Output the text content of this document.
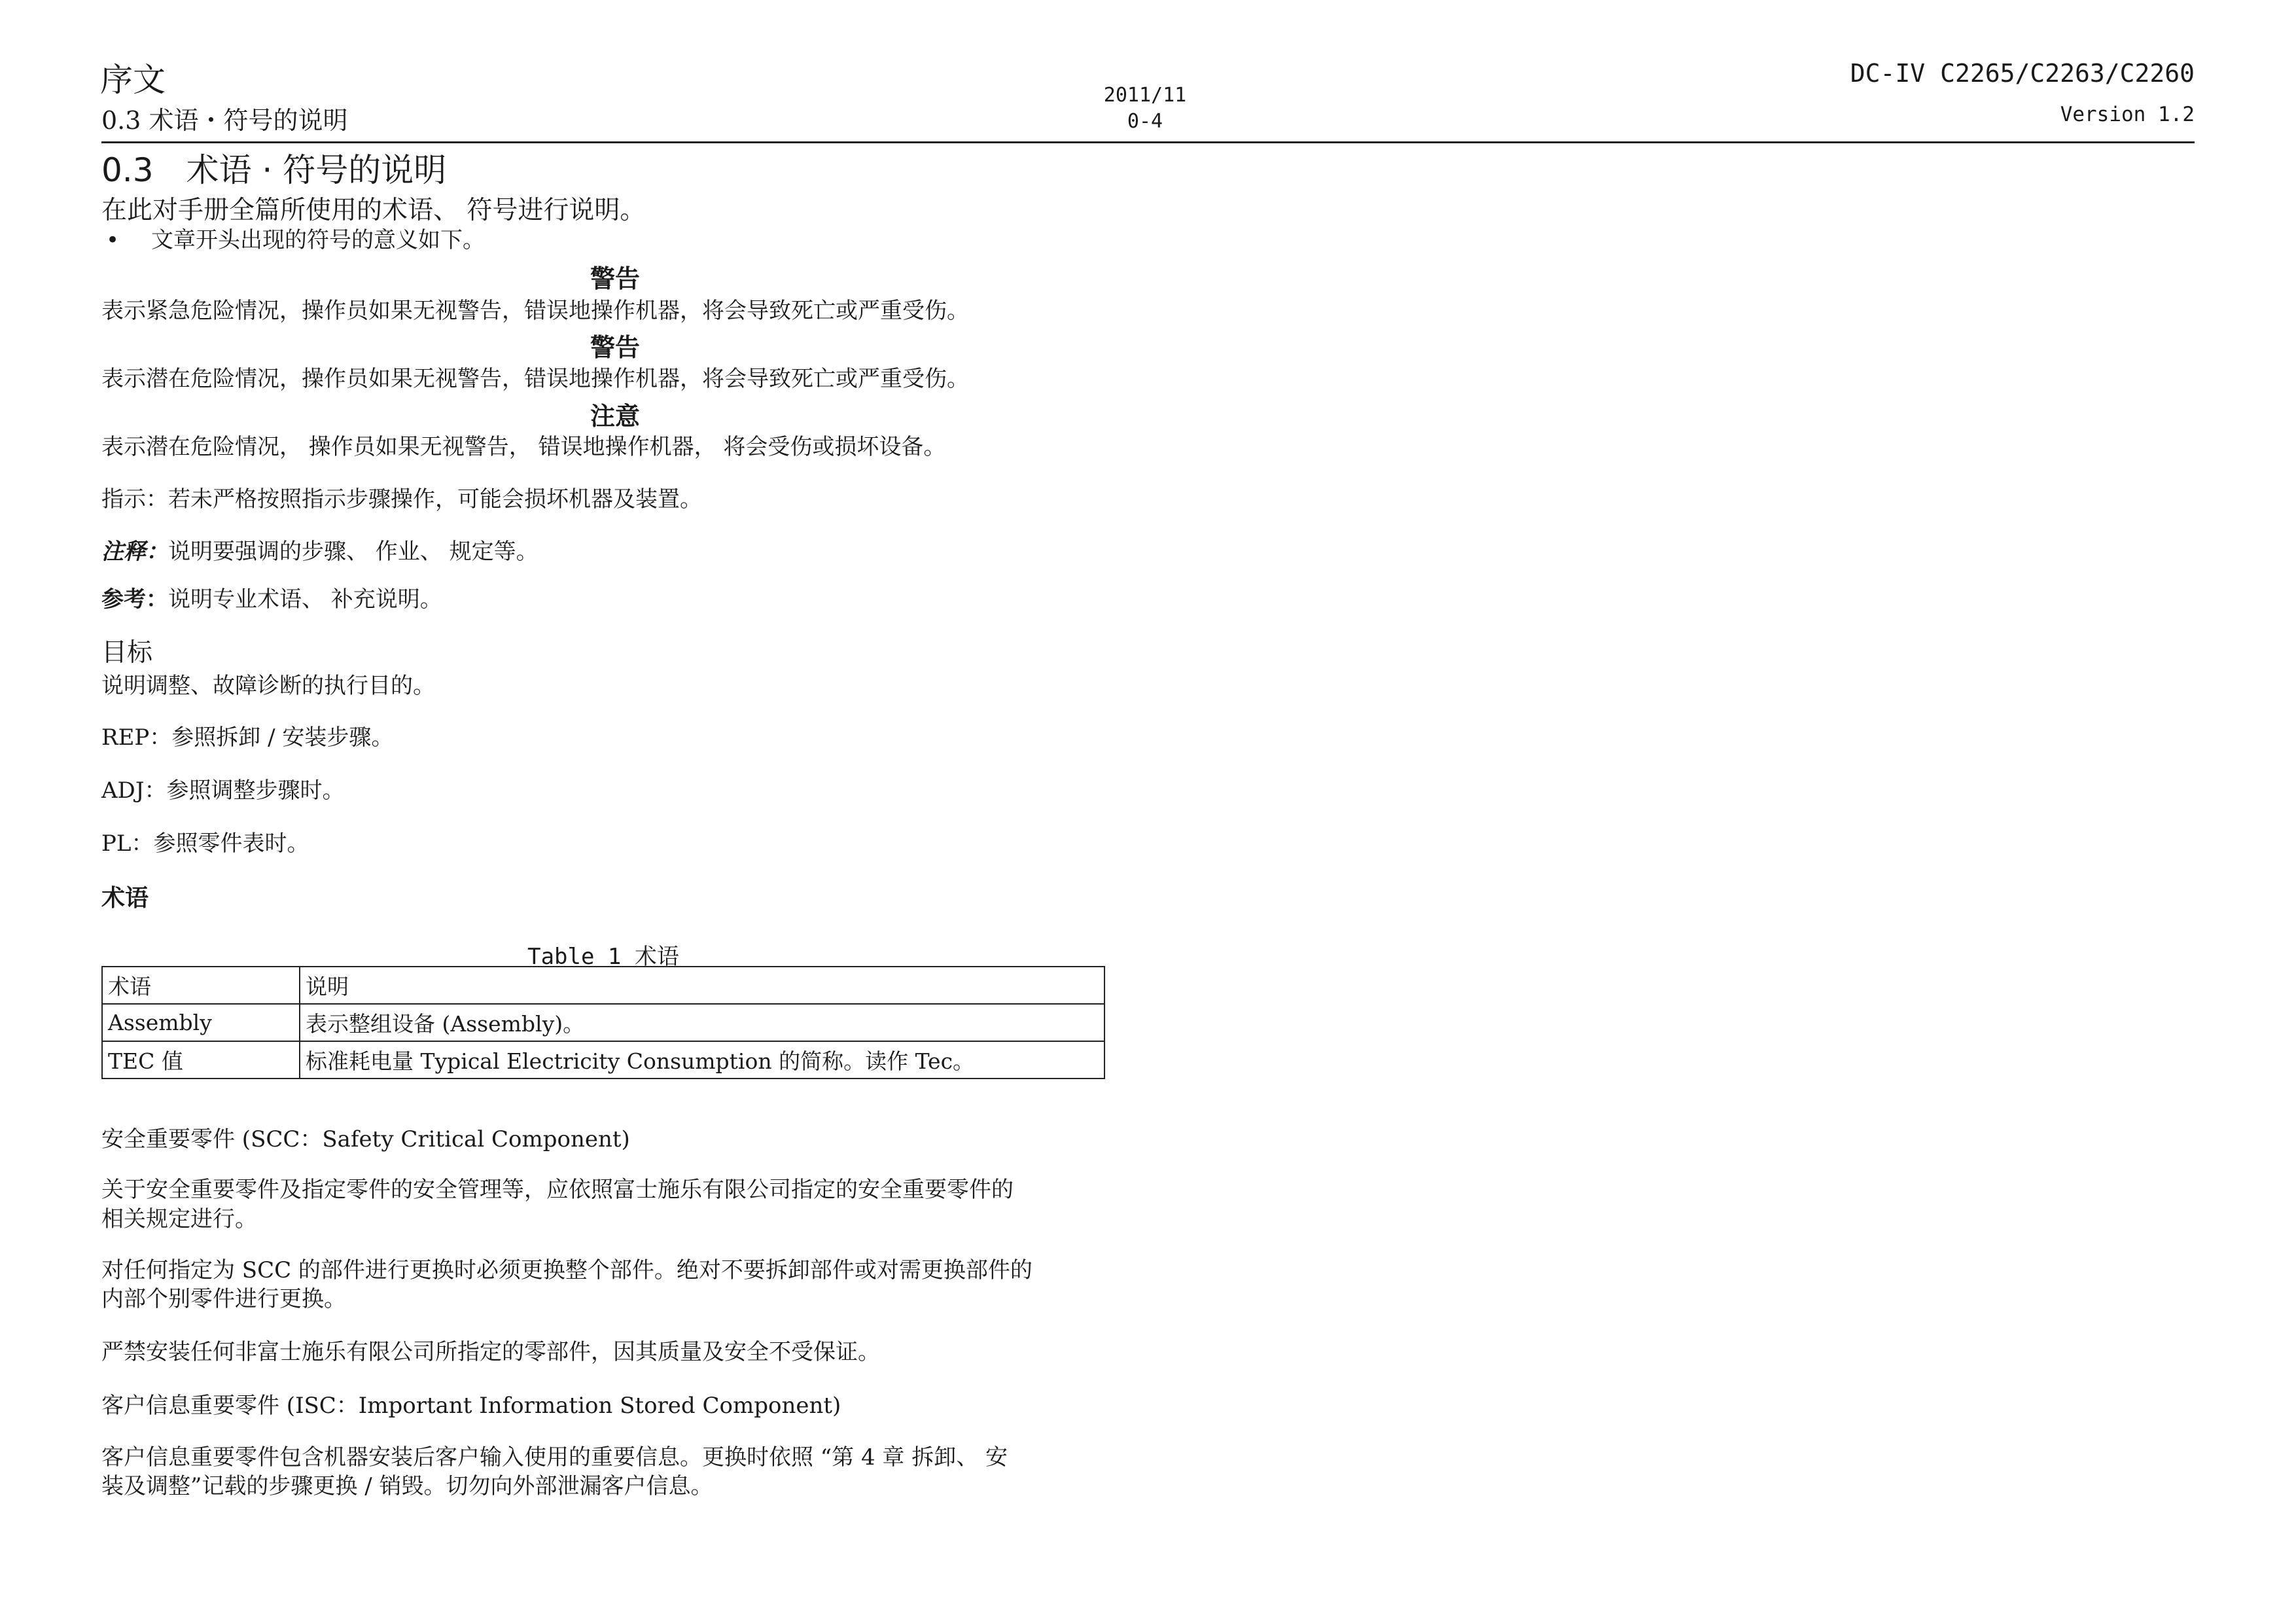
序文
0.3 术语・符号的说明
2011/11
0-4
DC-IV C2265/C2263/C2260
Version 1.2
0.3　术语 · 符号的说明
在此对手册全篇所使用的术语、 符号进行说明。
• 文章开头出现的符号的意义如下。
警告
表示紧急危险情况，操作员如果无视警告，错误地操作机器，将会导致死亡或严重受伤。
警告
表示潜在危险情况，操作员如果无视警告，错误地操作机器，将会导致死亡或严重受伤。
注意
表示潜在危险情况， 操作员如果无视警告， 错误地操作机器， 将会受伤或损坏设备。
指示：若未严格按照指示步骤操作，可能会损坏机器及装置。
注释：说明要强调的步骤、 作业、 规定等。
参考：说明专业术语、 补充说明。
目标
说明调整、故障诊断的执行目的。
REP：参照拆卸 / 安装步骤。
ADJ：参照调整步骤时。
PL：参照零件表时。
术语
Table 1 术语
术语	说明
Assembly	表示整组设备 (Assembly)。
TEC 值	标准耗电量 Typical Electricity Consumption 的简称。读作 Tec。
安全重要零件 (SCC：Safety Critical Component)
关于安全重要零件及指定零件的安全管理等，应依照富士施乐有限公司指定的安全重要零件的
相关规定进行。
对任何指定为 SCC 的部件进行更换时必须更换整个部件。绝对不要拆卸部件或对需更换部件的
内部个别零件进行更换。
严禁安装任何非富士施乐有限公司所指定的零部件，因其质量及安全不受保证。
客户信息重要零件 (ISC：Important Information Stored Component)
客户信息重要零件包含机器安装后客户输入使用的重要信息。更换时依照 “第 4 章 拆卸、 安
装及调整”记载的步骤更换 / 销毁。切勿向外部泄漏客户信息。
